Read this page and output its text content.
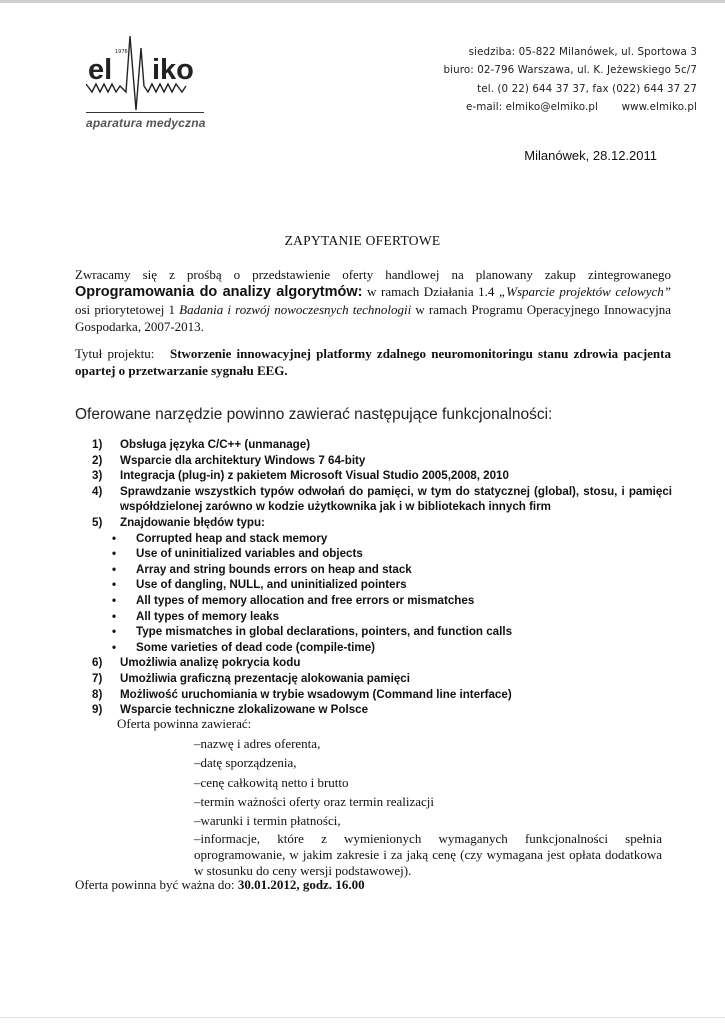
1976
el iko
aparatura medyczna
siedziba: 05-822 Milanówek, ul. Sportowa 3
biuro: 02-796 Warszawa, ul. K. Jeżewskiego 5c/7
tel. (0 22) 644 37 37, fax (022) 644 37 27
e-mail: elmiko@elmiko.pl www.elmiko.pl
Milanówek, 28.12.2011
ZAPYTANIE OFERTOWE
Zwracamy się z prośbą o przedstawienie oferty handlowej na planowany zakup zintegrowanego Oprogramowania do analizy algorytmów: w ramach Działania 1.4 „Wsparcie projektów celowych” osi priorytetowej 1 Badania i rozwój nowoczesnych technologii w ramach Programu Operacyjnego Innowacyjna Gospodarka, 2007-2013.
Tytuł projektu: Stworzenie innowacyjnej platformy zdalnego neuromonitoringu stanu zdrowia pacjenta opartej o przetwarzanie sygnału EEG.
Oferowane narzędzie powinno zawierać następujące funkcjonalności:
1)	Obsługa języka C/C++ (unmanage)
2)	Wsparcie dla architektury Windows 7 64-bity
3)	Integracja (plug-in) z pakietem Microsoft Visual Studio 2005,2008, 2010
4)	Sprawdzanie wszystkich typów odwołań do pamięci, w tym do statycznej (global), stosu, i pamięci współdzielonej zarówno w kodzie użytkownika jak i w bibliotekach innych firm
5)	Znajdowanie błędów typu:
•	Corrupted heap and stack memory
•	Use of uninitialized variables and objects
•	Array and string bounds errors on heap and stack
•	Use of dangling, NULL, and uninitialized pointers
•	All types of memory allocation and free errors or mismatches
•	All types of memory leaks
•	Type mismatches in global declarations, pointers, and function calls
•	Some varieties of dead code (compile-time)
6)	Umożliwia analizę pokrycia kodu
7)	Umożliwia graficzną prezentację alokowania pamięci
8)	Możliwość uruchomiania w trybie wsadowym (Command line interface)
9)	Wsparcie techniczne zlokalizowane w Polsce
Oferta powinna zawierać:
–nazwę i adres oferenta,
–datę sporządzenia,
–cenę całkowitą netto i brutto
–termin ważności oferty oraz termin realizacji
–warunki i termin płatności,
–informacje, które z wymienionych wymaganych funkcjonalności spełnia oprogramowanie, w jakim zakresie i za jaką cenę (czy wymagana jest opłata dodatkowa w stosunku do ceny wersji podstawowej).
Oferta powinna być ważna do: 30.01.2012, godz. 16.00
